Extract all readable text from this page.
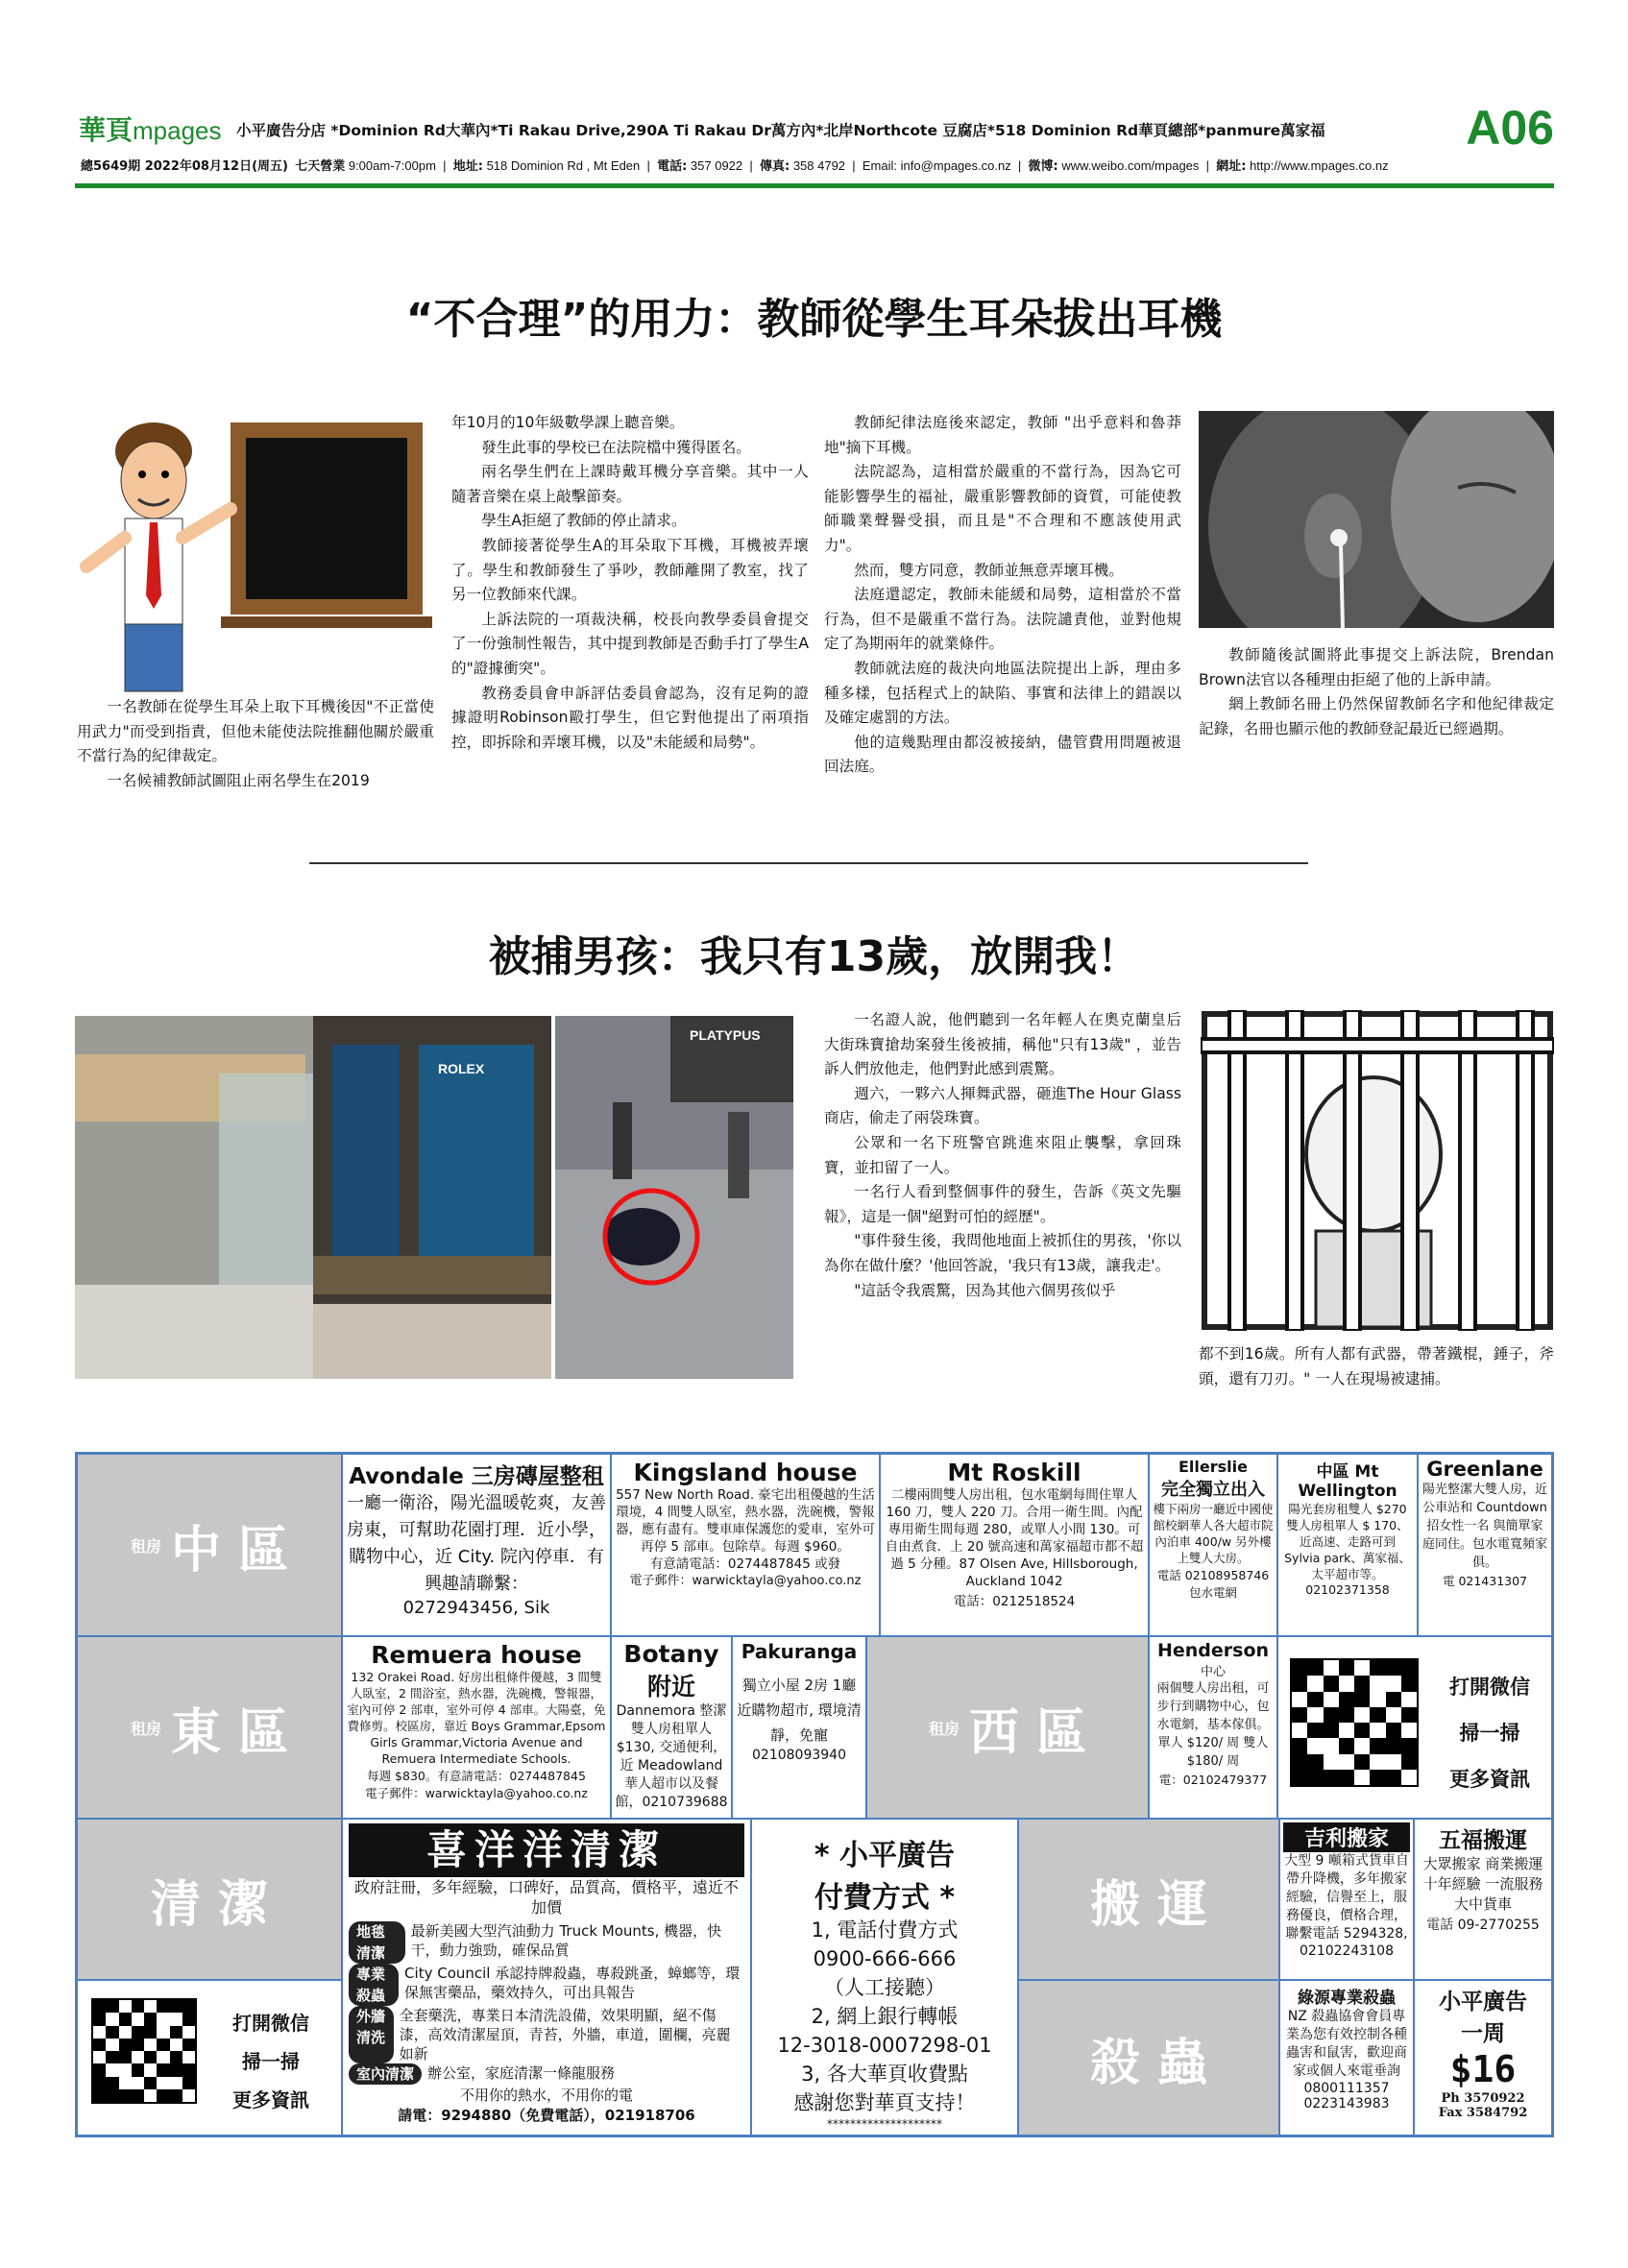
華頁mpages 小平廣告分店 *Dominion Rd大華內*Ti Rakau Drive,290A Ti Rakau Dr萬方內*北岸Northcote 豆腐店*518 Dominion Rd華頁總部*panmure萬家福	A06
總5649期 2022年08月12日(周五) 七天營業 9:00am-7:00pm  |  地址: 518 Dominion Rd , Mt Eden  |  電話: 357 0922  |  傳真: 358 4792  |  Email: info@mpages.co.nz  |  微博: www.weibo.com/mpages  |  網址: http://www.mpages.co.nz
“不合理”的用力：教師從學生耳朵拔出耳機

一名教師在從學生耳朵上取下耳機後因"不正當使用武力"而受到指責，但他未能使法院推翻他關於嚴重不當行為的紀律裁定。

一名候補教師試圖阻止兩名學生在2019

年10月的10年級數學課上聽音樂。

發生此事的學校已在法院檔中獲得匿名。

兩名學生們在上課時戴耳機分享音樂。其中一人隨著音樂在桌上敲擊節奏。

學生A拒絕了教師的停止請求。

教師接著從學生A的耳朵取下耳機，耳機被弄壞了。學生和教師發生了爭吵，教師離開了教室，找了另一位教師來代課。

上訴法院的一項裁決稱，校長向教學委員會提交了一份強制性報告，其中提到教師是否動手打了學生A的"證據衝突"。

教務委員會申訴評估委員會認為，沒有足夠的證據證明Robinson毆打學生，但它對他提出了兩項指控，即拆除和弄壞耳機，以及"未能緩和局勢"。

教師紀律法庭後來認定，教師 "出乎意料和魯莽地"摘下耳機。

法院認為，這相當於嚴重的不當行為，因為它可能影響學生的福祉，嚴重影響教師的資質，可能使教師職業聲譽受損，而且是"不合理和不應該使用武力"。

然而，雙方同意，教師並無意弄壞耳機。

法庭還認定，教師未能緩和局勢，這相當於不當行為，但不是嚴重不當行為。法院譴責他，並對他規定了為期兩年的就業條件。

教師就法庭的裁決向地區法院提出上訴，理由多種多樣，包括程式上的缺陷、事實和法律上的錯誤以及確定處罰的方法。

他的這幾點理由都沒被接納，儘管費用問題被退回法庭。

教師隨後試圖將此事提交上訴法院，Brendan Brown法官以各種理由拒絕了他的上訴申請。

網上教師名冊上仍然保留教師名字和他紀律裁定記錄，名冊也顯示他的教師登記最近已經過期。

被捕男孩：我只有13歲，放開我！
ROLEX
PLATYPUS

一名證人說，他們聽到一名年輕人在奧克蘭皇后大街珠寶搶劫案發生後被捕，稱他"只有13歲" ，並告訴人們放他走，他們對此感到震驚。

週六，一夥六人揮舞武器，砸進The Hour Glass商店，偷走了兩袋珠寶。

公眾和一名下班警官跳進來阻止襲擊，拿回珠寶，並扣留了一人。

一名行人看到整個事件的發生，告訴《英文先驅報》，這是一個"絕對可怕的經歷"。

"事件發生後，我問他地面上被抓住的男孩，'你以為你在做什麼？'他回答說，'我只有13歲，讓我走'。

"這話令我震驚，因為其他六個男孩似乎

都不到16歲。所有人都有武器，帶著鐵棍，錘子，斧頭，還有刀刃。" 一人在現場被逮捕。

租房 中 區
Avondale 三房磚屋整租
一廳一衛浴，陽光溫暖乾爽，友善房東，可幫助花園打理．近小學，購物中心，近 City. 院內停車．有興趣請聯繫：
0272943456, Sik
Kingsland house
557 New North Road. 豪宅出租優越的生活環境，4 間雙人臥室，熱水器，洗碗機，警報器，應有盡有。雙車庫保護您的愛車，室外可再停 5 部車。包除草。每週 $960。
有意請電話：0274487845 或發
電子郵件：warwicktayla@yahoo.co.nz
Mt Roskill
二樓兩間雙人房出租，包水電網每間住單人 160 刀，雙人 220 刀。合用一衛生間。內配專用衛生間每週 280，或單人小間 130。可自由煮食．上 20 號高速和萬家福超市都不超過 5 分種。87 Olsen Ave, Hillsborough, Auckland 1042
電話：0212518524
Ellerslie
完全獨立出入
樓下兩房一廳近中國使館校網華人各大超市院內泊車 400/w 另外樓上雙人大房。
電話 02108958746
包水電網
中區 Mt
Wellington
陽光套房租雙人 $270 雙人房租單人 $ 170、近高速、走路可到 Sylvia park、萬家福、太平超市等。
02102371358
Greenlane
陽光整潔大雙人房，近公車站和 Countdown 招女性一名 與簡單家庭同住。包水電寬頻家俱。
電 021431307
租房 東 區
Remuera house
132 Orakei Road. 好房出租條件優越，3 間雙人臥室，2 間浴室，熱水器，洗碗機，警報器，室內可停 2 部車，室外可停 4 部車。大陽臺，免費修剪。校區房，靠近 Boys Grammar,Epsom Girls Grammar,Victoria Avenue and Remuera Intermediate Schools.
每週 $830。有意請電話：0274487845
電子郵件：warwicktayla@yahoo.co.nz
Botany
附近
Dannemora 整潔雙人房租單人 $130, 交通便利，近 Meadowland 華人超市以及餐館，0210739688
Pakuranga
獨立小屋 2房 1廳 近購物超市, 環境清靜，免寵
02108093940
租房 西 區
Henderson
中心
兩個雙人房出租，可步行到購物中心，包水電網，基本傢俱。單人 $120/ 周 雙人 $180/ 周
電：02102479377
打開微信
掃一掃
更多資訊
清 潔
喜洋洋清潔
政府註冊，多年經驗，口碑好，品質高，價格平，遠近不加價
地毯清潔
最新美國大型汽油動力 Truck Mounts, 機器，快干，動力強勁，確保品質
專業殺蟲
City Council 承認持牌殺蟲，專殺跳蚤，蟑螂等，環保無害藥品，藥效持久，可出具報告
外牆清洗
全套藥洗，專業日本清洗設備，效果明顯，絕不傷漆，高效清潔屋頂，青苔，外牆，車道，圍欄，亮麗如新
室內清潔 辦公室，家庭清潔一條龍服務
不用你的熱水，不用你的電
請電：9294880（免費電話），021918706
* 小平廣告
付費方式 *
1, 電話付費方式
0900-666-666
（人工接聽）
2, 網上銀行轉帳
12-3018-0007298-01
3, 各大華頁收費點
感謝您對華頁支持！
********************
搬 運
吉利搬家
大型 9 噸箱式貨車自帶升降機，多年搬家經驗，信譽至上，服務優良，價格合理，聯繫電話 5294328,
02102243108
五福搬運
大眾搬家 商業搬運 十年經驗 一流服務 大中貨車
電話 09-2770255
打開微信
掃一掃
更多資訊
殺 蟲
綠源專業殺蟲
NZ 殺蟲協會會員專業為您有效控制各種蟲害和鼠害，歡迎商家或個人來電垂詢
0800111357
0223143983
小平廣告
一周
$16
Ph 3570922
Fax 3584792
